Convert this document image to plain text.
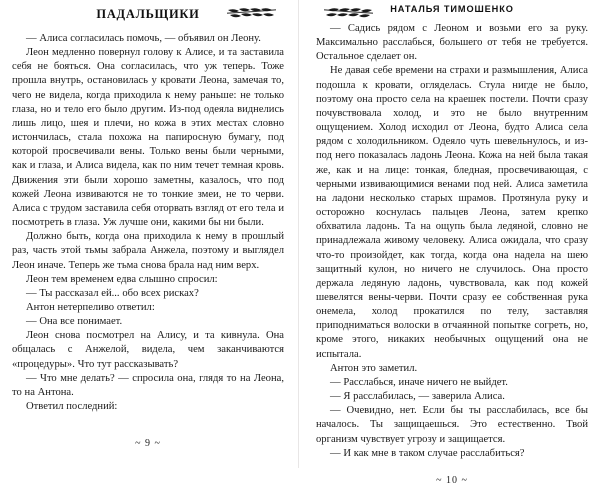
ПАДАЛЬЩИКИ

— Алиса согласилась помочь, — объявил он Леону.

Леон медленно повернул голову к Алисе, и та заставила себя не бояться. Она согласилась, что уж теперь. Тоже прошла внутрь, остановилась у кровати Леона, замечая то, чего не видела, когда приходила к нему раньше: не только глаза, но и тело его было другим. Из-под одеяла виднелись лишь лицо, шея и плечи, но кожа в этих местах словно истончилась, стала похожа на папиросную бумагу, под которой просвечивали вены. Только вены были черными, как и глаза, и Алиса видела, как по ним течет темная кровь. Движения эти были хорошо заметны, казалось, что под кожей Леона извиваются не то тонкие змеи, не то черви. Алиса с трудом заставила себя оторвать взгляд от его тела и посмотреть в глаза. Уж лучше они, какими бы ни были.

Должно быть, когда она приходила к нему в прошлый раз, часть этой тьмы забрала Анжела, поэтому и выглядел Леон иначе. Теперь же тьма снова брала над ним верх.

Леон тем временем едва слышно спросил:

— Ты рассказал ей... обо всех рисках?

Антон нетерпеливо ответил:

— Она все понимает.

Леон снова посмотрел на Алису, и та кивнула. Она общалась с Анжелой, видела, чем заканчиваются «процедуры». Что тут рассказывать?

— Что мне делать? — спросила она, глядя то на Леона, то на Антона.

Ответил последний:

~ 9 ~
НАТАЛЬЯ ТИМОШЕНКО

— Садись рядом с Леоном и возьми его за руку. Максимально расслабься, большего от тебя не требуется. Остальное сделает он.

Не давая себе времени на страхи и размышления, Алиса подошла к кровати, огляделась. Стула нигде не было, поэтому она просто села на краешек постели. Почти сразу почувствовала холод, и это не было внутренним ощущением. Холод исходил от Леона, будто Алиса села рядом с холодильником. Одеяло чуть шевельнулось, и из-под него показалась ладонь Леона. Кожа на ней была такая же, как и на лице: тонкая, бледная, просвечивающая, с черными извивающимися венами под ней. Алиса заметила на ладони несколько старых шрамов. Протянула руку и осторожно коснулась пальцев Леона, затем крепко обхватила ладонь. Та на ощупь была ледяной, словно не принадлежала живому человеку. Алиса ожидала, что сразу что-то произойдет, как тогда, когда она надела на шею защитный кулон, но ничего не случилось. Она просто держала ледяную ладонь, чувствовала, как под кожей шевелятся вены-черви. Почти сразу ее собственная рука онемела, холод прокатился по телу, заставляя приподниматься волоски в отчаянной попытке согреть, но, кроме этого, никаких необычных ощущений она не испытала.

Антон это заметил.

— Расслабься, иначе ничего не выйдет.

— Я расслабилась, — заверила Алиса.

— Очевидно, нет. Если бы ты расслабилась, все бы началось. Ты защищаешься. Это естественно. Твой организм чувствует угрозу и защищается.

— И как мне в таком случае расслабиться?

~ 10 ~
